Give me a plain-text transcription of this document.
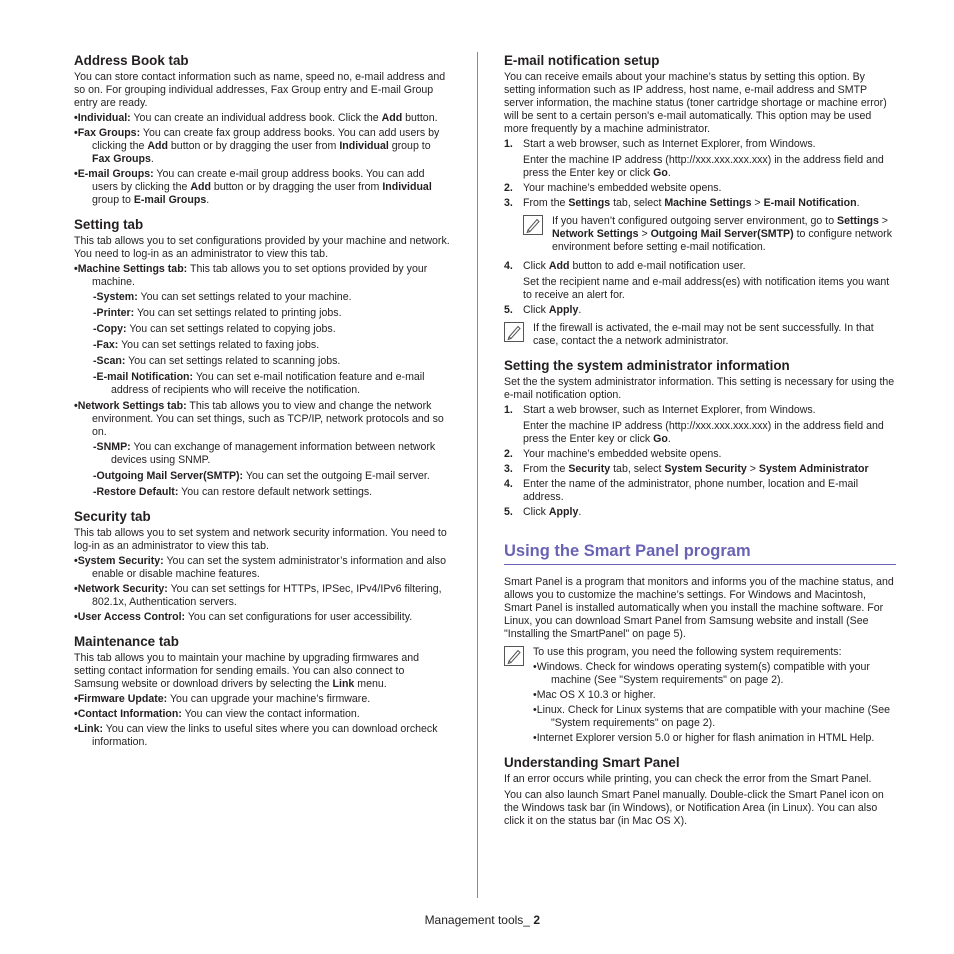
Address Book tab

You can store contact information such as name, speed no, e-mail address and so on. For grouping individual addresses, Fax Group entry and E-mail Group entry are ready.

•Individual: You can create an individual address book. Click the Add button.
•Fax Groups: You can create fax group address books. You can add users by clicking the Add button or by dragging the user from Individual group to Fax Groups.
•E-mail Groups: You can create e-mail group address books. You can add users by clicking the Add button or by dragging the user from Individual group to E-mail Groups.
Setting tab

This tab allows you to set configurations provided by your machine and network. You need to log-in as an administrator to view this tab.

•Machine Settings tab: This tab allows you to set options provided by your machine.
-System: You can set settings related to your machine.
-Printer: You can set settings related to printing jobs.
-Copy: You can set settings related to copying jobs.
-Fax: You can set settings related to faxing jobs.
-Scan: You can set settings related to scanning jobs.
-E-mail Notification: You can set e-mail notification feature and e-mail address of recipients who will receive the notification.
•Network Settings tab: This tab allows you to view and change the network environment. You can set things, such as TCP/IP, network protocols and so on.
-SNMP: You can exchange of management information between network devices using SNMP.
-Outgoing Mail Server(SMTP): You can set the outgoing E-mail server.
-Restore Default: You can restore default network settings.
Security tab

This tab allows you to set system and network security information. You need to log-in as an administrator to view this tab.

•System Security: You can set the system administrator’s information and also enable or disable machine features.
•Network Security: You can set settings for HTTPs, IPSec, IPv4/IPv6 filtering, 802.1x, Authentication servers.
•User Access Control: You can set configurations for user accessibility.
Maintenance tab

This tab allows you to maintain your machine by upgrading firmwares and setting contact information for sending emails. You can also connect to Samsung website or download drivers by selecting the Link menu.

•Firmware Update: You can upgrade your machine’s firmware.
•Contact Information: You can view the contact information.
•Link: You can view the links to useful sites where you can download orcheck information.
E-mail notification setup

You can receive emails about your machine’s status by setting this option. By setting information such as IP address, host name, e-mail address and SMTP server information, the machine status (toner cartridge shortage or machine error) will be sent to a certain person's e-mail automatically. This option may be used more frequently by a machine administrator.

1. Start a web browser, such as Internet Explorer, from Windows.
Enter the machine IP address (http://xxx.xxx.xxx.xxx) in the address field and press the Enter key or click Go.
2. Your machine’s embedded website opens.
3. From the Settings tab, select Machine Settings > E-mail Notification.
If you haven’t configured outgoing server environment, go to Settings > Network Settings > Outgoing Mail Server(SMTP) to configure network environment before setting e-mail notification.
4. Click Add button to add e-mail notification user.
Set the recipient name and e-mail address(es) with notification items you want to receive an alert for.
5. Click Apply.
If the firewall is activated, the e-mail may not be sent successfully. In that case, contact the a network administrator.
Setting the system administrator information

Set the the system administrator information. This setting is necessary for using the e-mail notification option.

1. Start a web browser, such as Internet Explorer, from Windows.
Enter the machine IP address (http://xxx.xxx.xxx.xxx) in the address field and press the Enter key or click Go.
2. Your machine’s embedded website opens.
3. From the Security tab, select System Security > System Administrator
4. Enter the name of the administrator, phone number, location and E-mail address.
5. Click Apply.
Using the Smart Panel program

Smart Panel is a program that monitors and informs you of the machine status, and allows you to customize the machine’s settings. For Windows and Macintosh, Smart Panel is installed automatically when you install the machine software. For Linux, you can download Smart Panel from Samsung website and install (See "Installing the SmartPanel" on page 5).

To use this program, you need the following system requirements:
•Windows. Check for windows operating system(s) compatible with your machine (See "System requirements" on page 2).
•Mac OS X 10.3 or higher.
•Linux. Check for Linux systems that are compatible with your machine (See "System requirements" on page 2).
•Internet Explorer version 5.0 or higher for flash animation in HTML Help.
Understanding Smart Panel

If an error occurs while printing, you can check the error from the Smart Panel.

You can also launch Smart Panel manually. Double-click the Smart Panel icon on the Windows task bar (in Windows), or Notification Area (in Linux). You can also click it on the status bar (in Mac OS X).

Management tools_ 2
